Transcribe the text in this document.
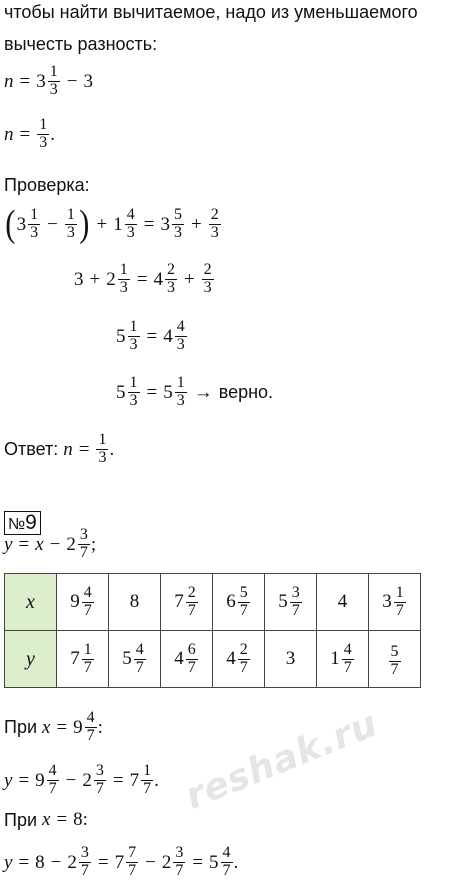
чтобы найти вычитаемое, надо из уменьшаемого
вычесть разность:
$n = 3 \frac{1}{3} - 3$
$n = \frac{1}{3}$ .
Проверка:
( $3 \frac{1}{3} - \frac{1}{3}$ ) + $1 \frac{4}{3} = 3 \frac{5}{3} + \frac{2}{3}$
$3 + 2 \frac{1}{3} = 4 \frac{2}{3} + \frac{2}{3}$
$5 \frac{1}{3} = 4 \frac{4}{3}$
$5 \frac{1}{3} = 5 \frac{1}{3}$ → верно.
Ответ: $n = \frac{1}{3}$ .
№9
$y = x - 2 \frac{3}{7}$ ;
x	$9 \frac{4}{7}$	8	$7 \frac{2}{7}$	$6 \frac{5}{7}$	$5 \frac{3}{7}$	4	$3 \frac{1}{7}$

y	$7 \frac{1}{7}$	$5 \frac{4}{7}$	$4 \frac{6}{7}$	$4 \frac{2}{7}$	3	$1 \frac{4}{7}$	$\frac{5}{7}$
При $x = 9 \frac{4}{7}$ :
$y = 9 \frac{4}{7} - 2 \frac{3}{7} = 7 \frac{1}{7}$ .
При x = 8 :
$y = 8 - 2 \frac{3}{7} = 7 \frac{7}{7} - 2 \frac{3}{7} = 5 \frac{4}{7}$ .
reshak.ru
